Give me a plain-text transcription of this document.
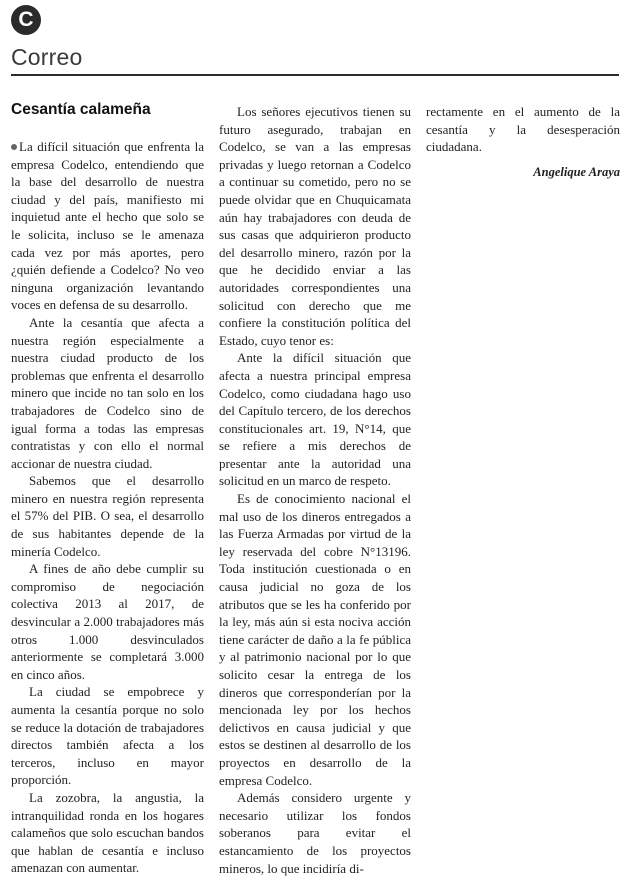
C
Correo
Cesantía calameña

La difícil situación que enfrenta la empresa Codelco, entendiendo que la base del desarrollo de nuestra ciudad y del país, manifiesto mi inquietud ante el hecho que solo se le solicita, incluso se le amenaza cada vez por más aportes, pero ¿quién defiende a Codelco? No veo ninguna organización levantando voces en defensa de su desarrollo.

Ante la cesantía que afecta a nuestra región especialmente a nuestra ciudad producto de los problemas que enfrenta el desarrollo minero que incide no tan solo en los trabajadores de Codelco sino de igual forma a todas las empresas contratistas y con ello el normal accionar de nuestra ciudad.

Sabemos que el desarrollo minero en nuestra región representa el 57% del PIB. O sea, el desarrollo de sus habitantes depende de la minería Codelco.

A fines de año debe cumplir su compromiso de negociación colectiva 2013 al 2017, de desvincular a 2.000 trabajadores más otros 1.000 desvinculados anteriormente se completará 3.000 en cinco años.

La ciudad se empobrece y aumenta la cesantía porque no solo se reduce la dotación de trabajadores directos también afecta a los terceros, incluso en mayor proporción.

La zozobra, la angustia, la intranquilidad ronda en los hogares calameños que solo escuchan bandos que hablan de cesantía e incluso amenazan con aumentar.

Los señores ejecutivos tienen su futuro asegurado, trabajan en Codelco, se van a las empresas privadas y luego retornan a Codelco a continuar su cometido, pero no se puede olvidar que en Chuquicamata aún hay trabajadores con deuda de sus casas que adquirieron producto del desarrollo minero, razón por la que he decidido enviar a las autoridades correspondientes una solicitud con derecho que me confiere la constitución política del Estado, cuyo tenor es:

Ante la difícil situación que afecta a nuestra principal empresa Codelco, como ciudadana hago uso del Capítulo tercero, de los derechos constitucionales art. 19, N°14, que se refiere a mis derechos de presentar ante la autoridad una solicitud en un marco de respeto.

Es de conocimiento nacional el mal uso de los dineros entregados a las Fuerza Armadas por virtud de la ley reservada del cobre N°13196. Toda institución cuestionada o en causa judicial no goza de los atributos que se les ha conferido por la ley, más aún si esta nociva acción tiene carácter de daño a la fe pública y al patrimonio nacional por lo que solicito cesar la entrega de los dineros que corresponderían por la mencionada ley por los hechos delictivos en causa judicial y que estos se destinen al desarrollo de los proyectos en desarrollo de la empresa Codelco.

Además considero urgente y necesario utilizar los fondos soberanos para evitar el estancamiento de los proyectos mineros, lo que incidiría di-

rectamente en el aumento de la cesantía y la desesperación ciudadana.

Angelique Araya
